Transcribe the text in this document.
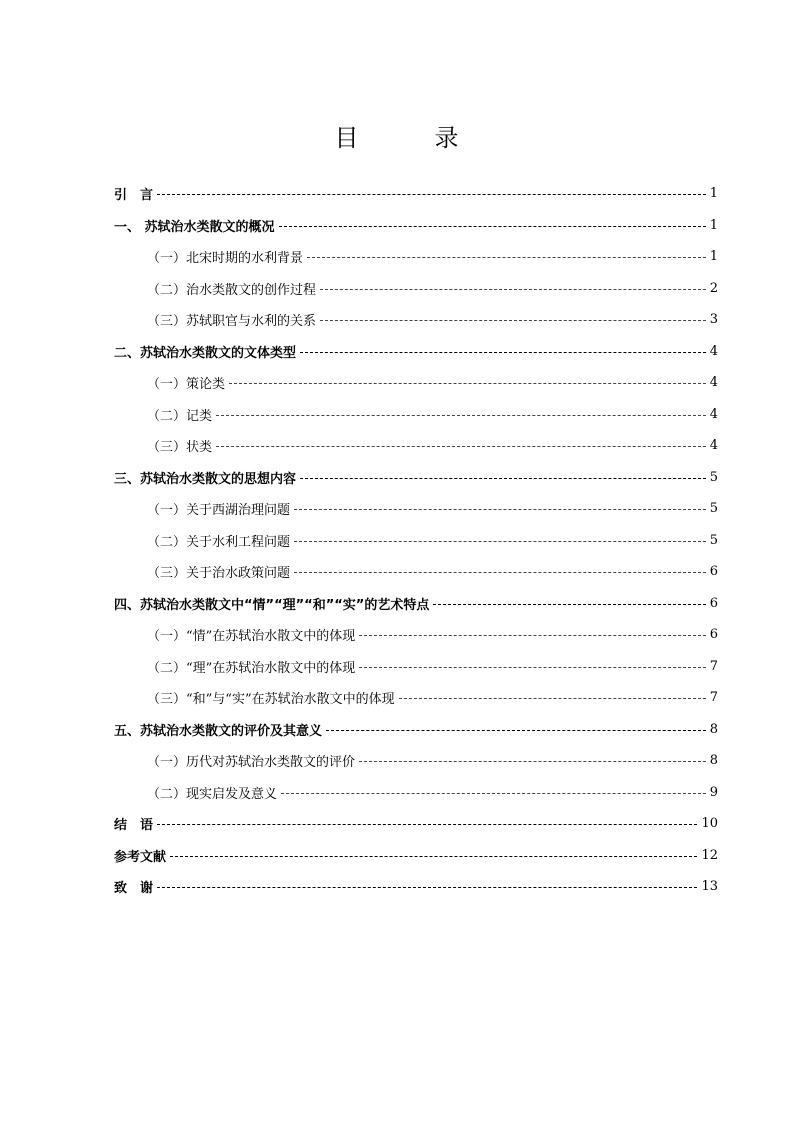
目　录
引　言	1
一、 苏轼治水类散文的概况	1
（一）北宋时期的水利背景	1
（二）治水类散文的创作过程	2
（三）苏轼职官与水利的关系	3
二、苏轼治水类散文的文体类型	4
（一）策论类	4
（二）记类	4
（三）状类	4
三、苏轼治水类散文的思想内容	5
（一）关于西湖治理问题	5
（二）关于水利工程问题	5
（三）关于治水政策问题	6
四、苏轼治水类散文中“情”“理”“和”“实”的艺术特点	6
（一）“情”在苏轼治水散文中的体现	6
（二）“理”在苏轼治水散文中的体现	7
（三）“和”与“实”在苏轼治水散文中的体现	7
五、苏轼治水类散文的评价及其意义	8
（一）历代对苏轼治水类散文的评价	8
（二）现实启发及意义	9
结　语	10
参考文献	12
致　谢	13
